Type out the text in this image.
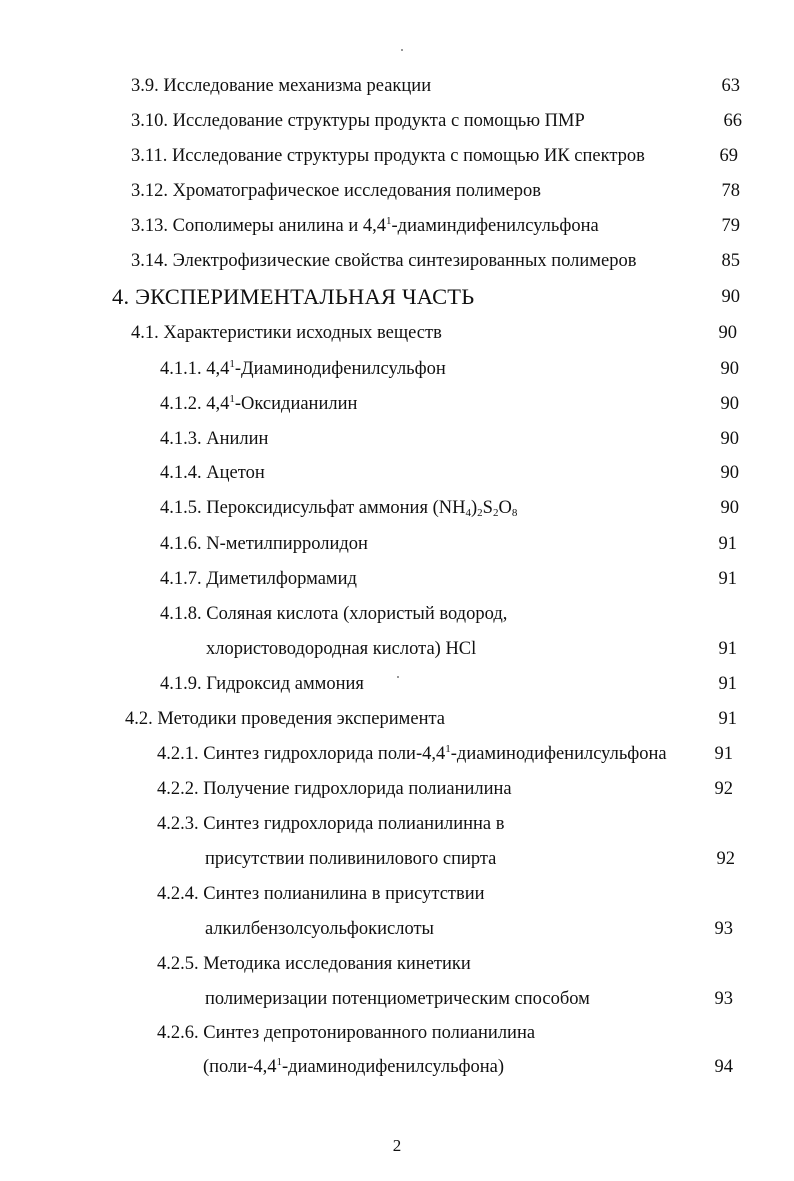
3.9. Исследование механизма реакции	63
3.10. Исследование структуры продукта с помощью ПМР	66
3.11. Исследование структуры продукта с помощью ИК спектров	69
3.12. Хроматографическое исследования полимеров	78
3.13. Сополимеры анилина и $4,4^1$-диаминдифенилсульфона	79
3.14. Электрофизические свойства синтезированных полимеров	85
4. ЭКСПЕРИМЕНТАЛЬНАЯ ЧАСТЬ	90
4.1. Характеристики исходных веществ	90
4.1.1. $4,4^1$-Диаминодифенилсульфон	90
4.1.2. $4,4^1$-Оксидианилин	90
4.1.3. Анилин	90
4.1.4. Ацетон	90
4.1.5. Пероксидисульфат аммония $(NH_4)_2S_2O_8$	90
4.1.6. N-метилпирролидон	91
4.1.7. Диметилформамид	91
4.1.8. Соляная кислота (хлористый водород,
хлористоводородная кислота) HCl	91
4.1.9. Гидроксид аммония	91
4.2. Методики проведения эксперимента	91
4.2.1. Синтез гидрохлорида поли-$4,4^1$-диаминодифенилсульфона	91
4.2.2. Получение гидрохлорида полианилина	92
4.2.3. Синтез гидрохлорида полианилинна в
присутствии поливинилового спирта	92
4.2.4. Синтез полианилина в присутствии
алкилбензолсуольфокислоты	93
4.2.5. Методика исследования кинетики
полимеризации потенциометрическим способом	93
4.2.6. Синтез депротонированного полианилина
$(поли-4,4^1-диаминодифенилсульфона)$	94
2
